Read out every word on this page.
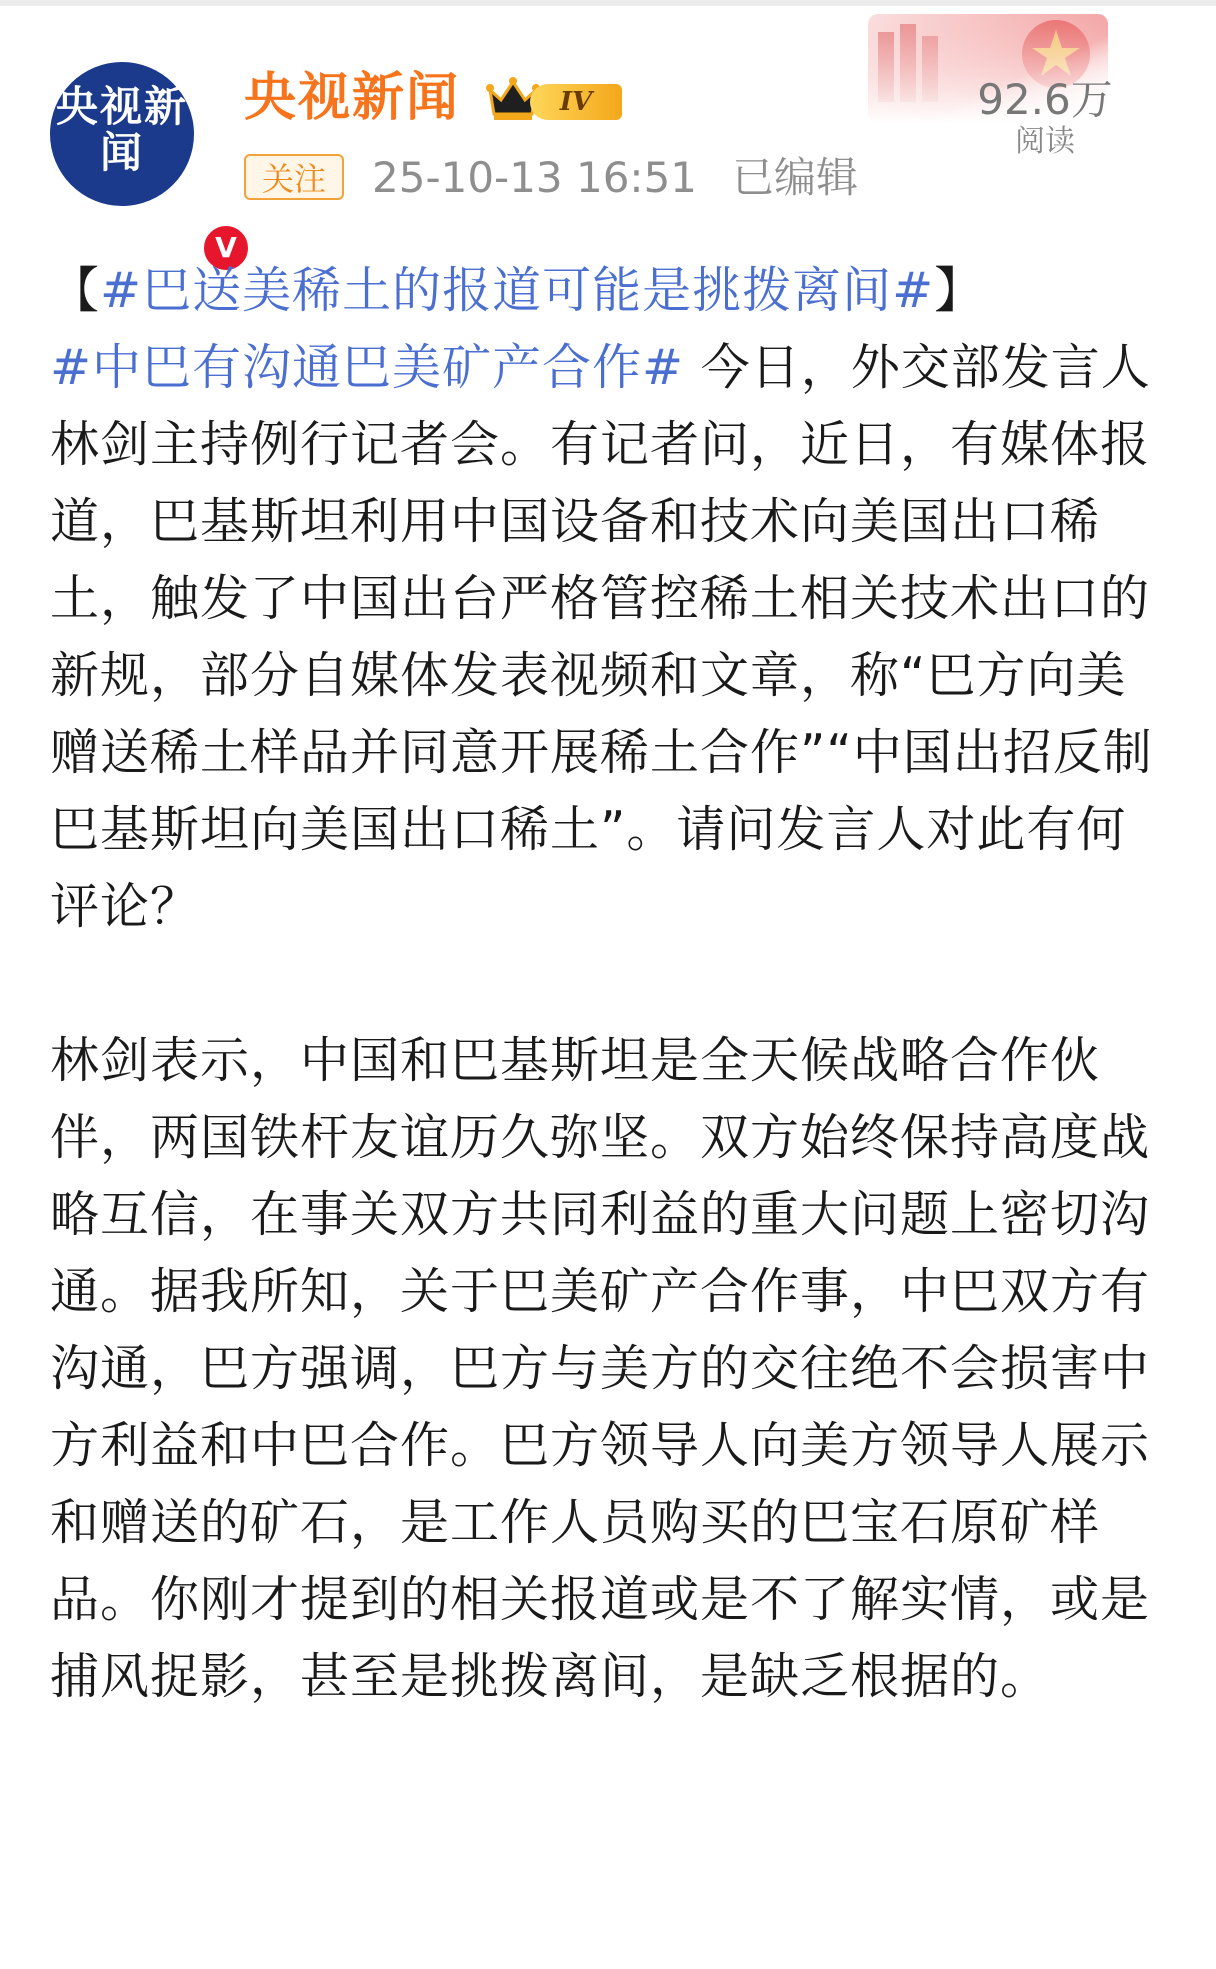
央视新闻
V
央视新闻	IV
关注	25-10-13 16:51 已编辑
92.6万
阅读

【#巴送美稀土的报道可能是挑拨离间#】
#中巴有沟通巴美矿产合作# 今日，外交部发言人林剑主持例行记者会。有记者问，近日，有媒体报道，巴基斯坦利用中国设备和技术向美国出口稀土，触发了中国出台严格管控稀土相关技术出口的新规，部分自媒体发表视频和文章，称“巴方向美赠送稀土样品并同意开展稀土合作”“中国出招反制巴基斯坦向美国出口稀土”。请问发言人对此有何评论？

林剑表示，中国和巴基斯坦是全天候战略合作伙伴，两国铁杆友谊历久弥坚。双方始终保持高度战略互信，在事关双方共同利益的重大问题上密切沟通。据我所知，关于巴美矿产合作事，中巴双方有沟通，巴方强调，巴方与美方的交往绝不会损害中方利益和中巴合作。巴方领导人向美方领导人展示和赠送的矿石，是工作人员购买的巴宝石原矿样品。你刚才提到的相关报道或是不了解实情，或是捕风捉影，甚至是挑拨离间，是缺乏根据的。
